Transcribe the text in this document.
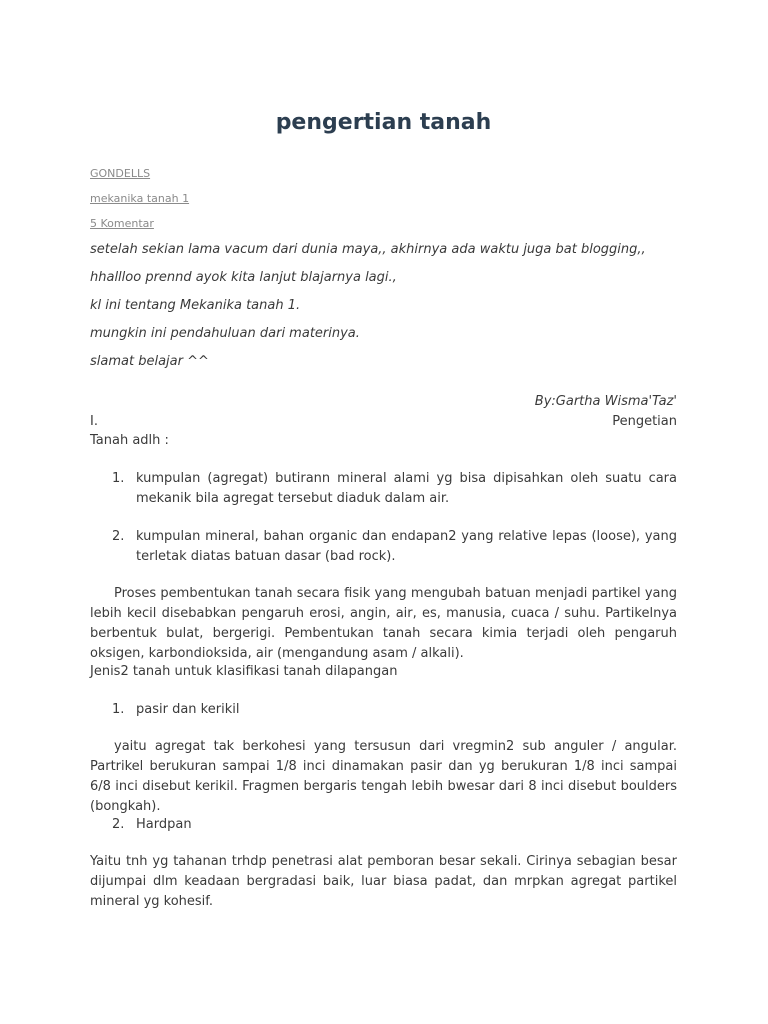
pengertian tanah
GONDELLS
mekanika tanah 1
5 Komentar

setelah sekian lama vacum dari dunia maya,, akhirnya ada waktu juga bat blogging,,

hhallloo prennd ayok kita lanjut blajarnya lagi.,

kl ini tentang Mekanika tanah 1.

mungkin ini pendahuluan dari materinya.

slamat belajar ^^

By:Gartha Wisma'Taz'
I.	Pengetian

Tanah adlh :

1. kumpulan (agregat) butirann mineral alami yg bisa dipisahkan oleh suatu cara mekanik bila agregat tersebut diaduk dalam air.
2. kumpulan mineral, bahan organic dan endapan2 yang relative lepas (loose), yang terletak diatas batuan dasar (bad rock).

Proses pembentukan tanah secara fisik yang mengubah batuan menjadi partikel yang lebih kecil disebabkan pengaruh erosi, angin, air, es, manusia, cuaca / suhu. Partikelnya berbentuk bulat, bergerigi. Pembentukan tanah secara kimia terjadi oleh pengaruh oksigen, karbondioksida, air (mengandung asam / alkali).

Jenis2 tanah untuk klasifikasi tanah dilapangan

1. pasir dan kerikil

yaitu agregat tak berkohesi yang tersusun dari vregmin2 sub anguler / angular. Partrikel berukuran sampai 1/8 inci dinamakan pasir dan yg berukuran 1/8 inci sampai 6/8 inci disebut kerikil. Fragmen bergaris tengah lebih bwesar dari 8 inci disebut boulders (bongkah).

2. Hardpan

Yaitu tnh yg tahanan trhdp penetrasi alat pemboran besar sekali. Cirinya sebagian besar dijumpai dlm keadaan bergradasi baik, luar biasa padat, dan mrpkan agregat partikel mineral yg kohesif.
